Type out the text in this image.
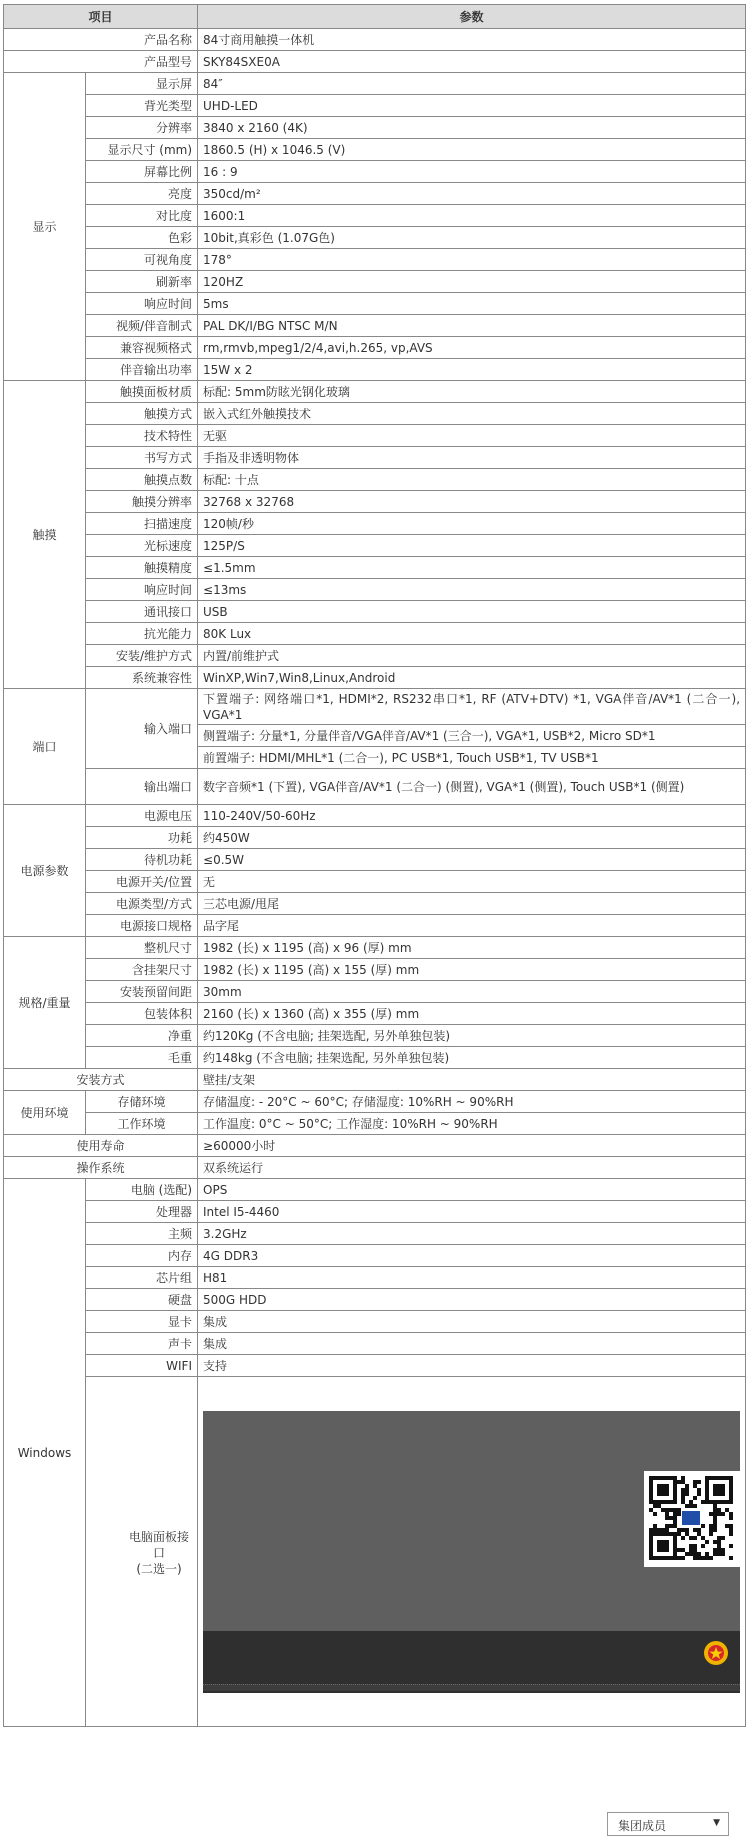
项目		参数
产品名称		84寸商用触摸一体机
产品型号		SKY84SXE0A
显示	显示屏	84″
	背光类型	UHD-LED
	分辨率	3840 x 2160 (4K)
	显示尺寸 (mm)	1860.5 (H) x 1046.5 (V)
	屏幕比例	16 : 9
	亮度	350cd/m²
	对比度	1600:1
	色彩	10bit,真彩色 (1.07G色)
	可视角度	178°
	刷新率	120HZ
	响应时间	5ms
	视频/伴音制式	PAL DK/I/BG NTSC M/N
	兼容视频格式	rm,rmvb,mpeg1/2/4,avi,h.265, vp,AVS
	伴音输出功率	15W x 2
触摸	触摸面板材质	标配: 5mm防眩光钢化玻璃
	触摸方式	嵌入式红外触摸技术
	技术特性	无驱
	书写方式	手指及非透明物体
	触摸点数	标配: 十点
	触摸分辨率	32768 x 32768
	扫描速度	120帧/秒
	光标速度	125P/S
	触摸精度	≤1.5mm
	响应时间	≤13ms
	通讯接口	USB
	抗光能力	80K Lux
	安装/维护方式	内置/前维护式
	系统兼容性	WinXP,Win7,Win8,Linux,Android
端口	输入端口	下置端子: 网络端口*1, HDMI*2, RS232串口*1, RF (ATV+DTV) *1, VGA伴音/AV*1 (二合一), VGA*1
		侧置端子: 分量*1, 分量伴音/VGA伴音/AV*1 (三合一), VGA*1, USB*2, Micro SD*1
		前置端子: HDMI/MHL*1 (二合一), PC USB*1, Touch USB*1, TV USB*1
	输出端口	数字音频*1 (下置), VGA伴音/AV*1 (二合一) (侧置), VGA*1 (侧置), Touch USB*1 (侧置)
电源参数	电源电压	110-240V/50-60Hz
	功耗	约450W
	待机功耗	≤0.5W
	电源开关/位置	无
	电源类型/方式	三芯电源/甩尾
	电源接口规格	品字尾
规格/重量	整机尺寸	1982 (长) x 1195 (高) x 96 (厚) mm
	含挂架尺寸	1982 (长) x 1195 (高) x 155 (厚) mm
	安装预留间距	30mm
	包装体积	2160 (长) x 1360 (高) x 355 (厚) mm
	净重	约120Kg (不含电脑; 挂架选配, 另外单独包装)
	毛重	约148kg (不含电脑; 挂架选配, 另外单独包装)
安装方式		壁挂/支架
使用环境	存储环境	存储温度: - 20°C ~ 60°C; 存储湿度: 10%RH ~ 90%RH
	工作环境	工作温度: 0°C ~ 50°C; 工作湿度: 10%RH ~ 90%RH
使用寿命		≥60000小时
操作系统		双系统运行
Windows	电脑 (选配)	OPS
	处理器	Intel I5-4460
	主频	3.2GHz
	内存	4G DDR3
	芯片组	H81
	硬盘	500G HDD
	显卡	集成
	声卡	集成
	WIFI	支持

	电脑面板接口
(二选一)

集团成员	▼
